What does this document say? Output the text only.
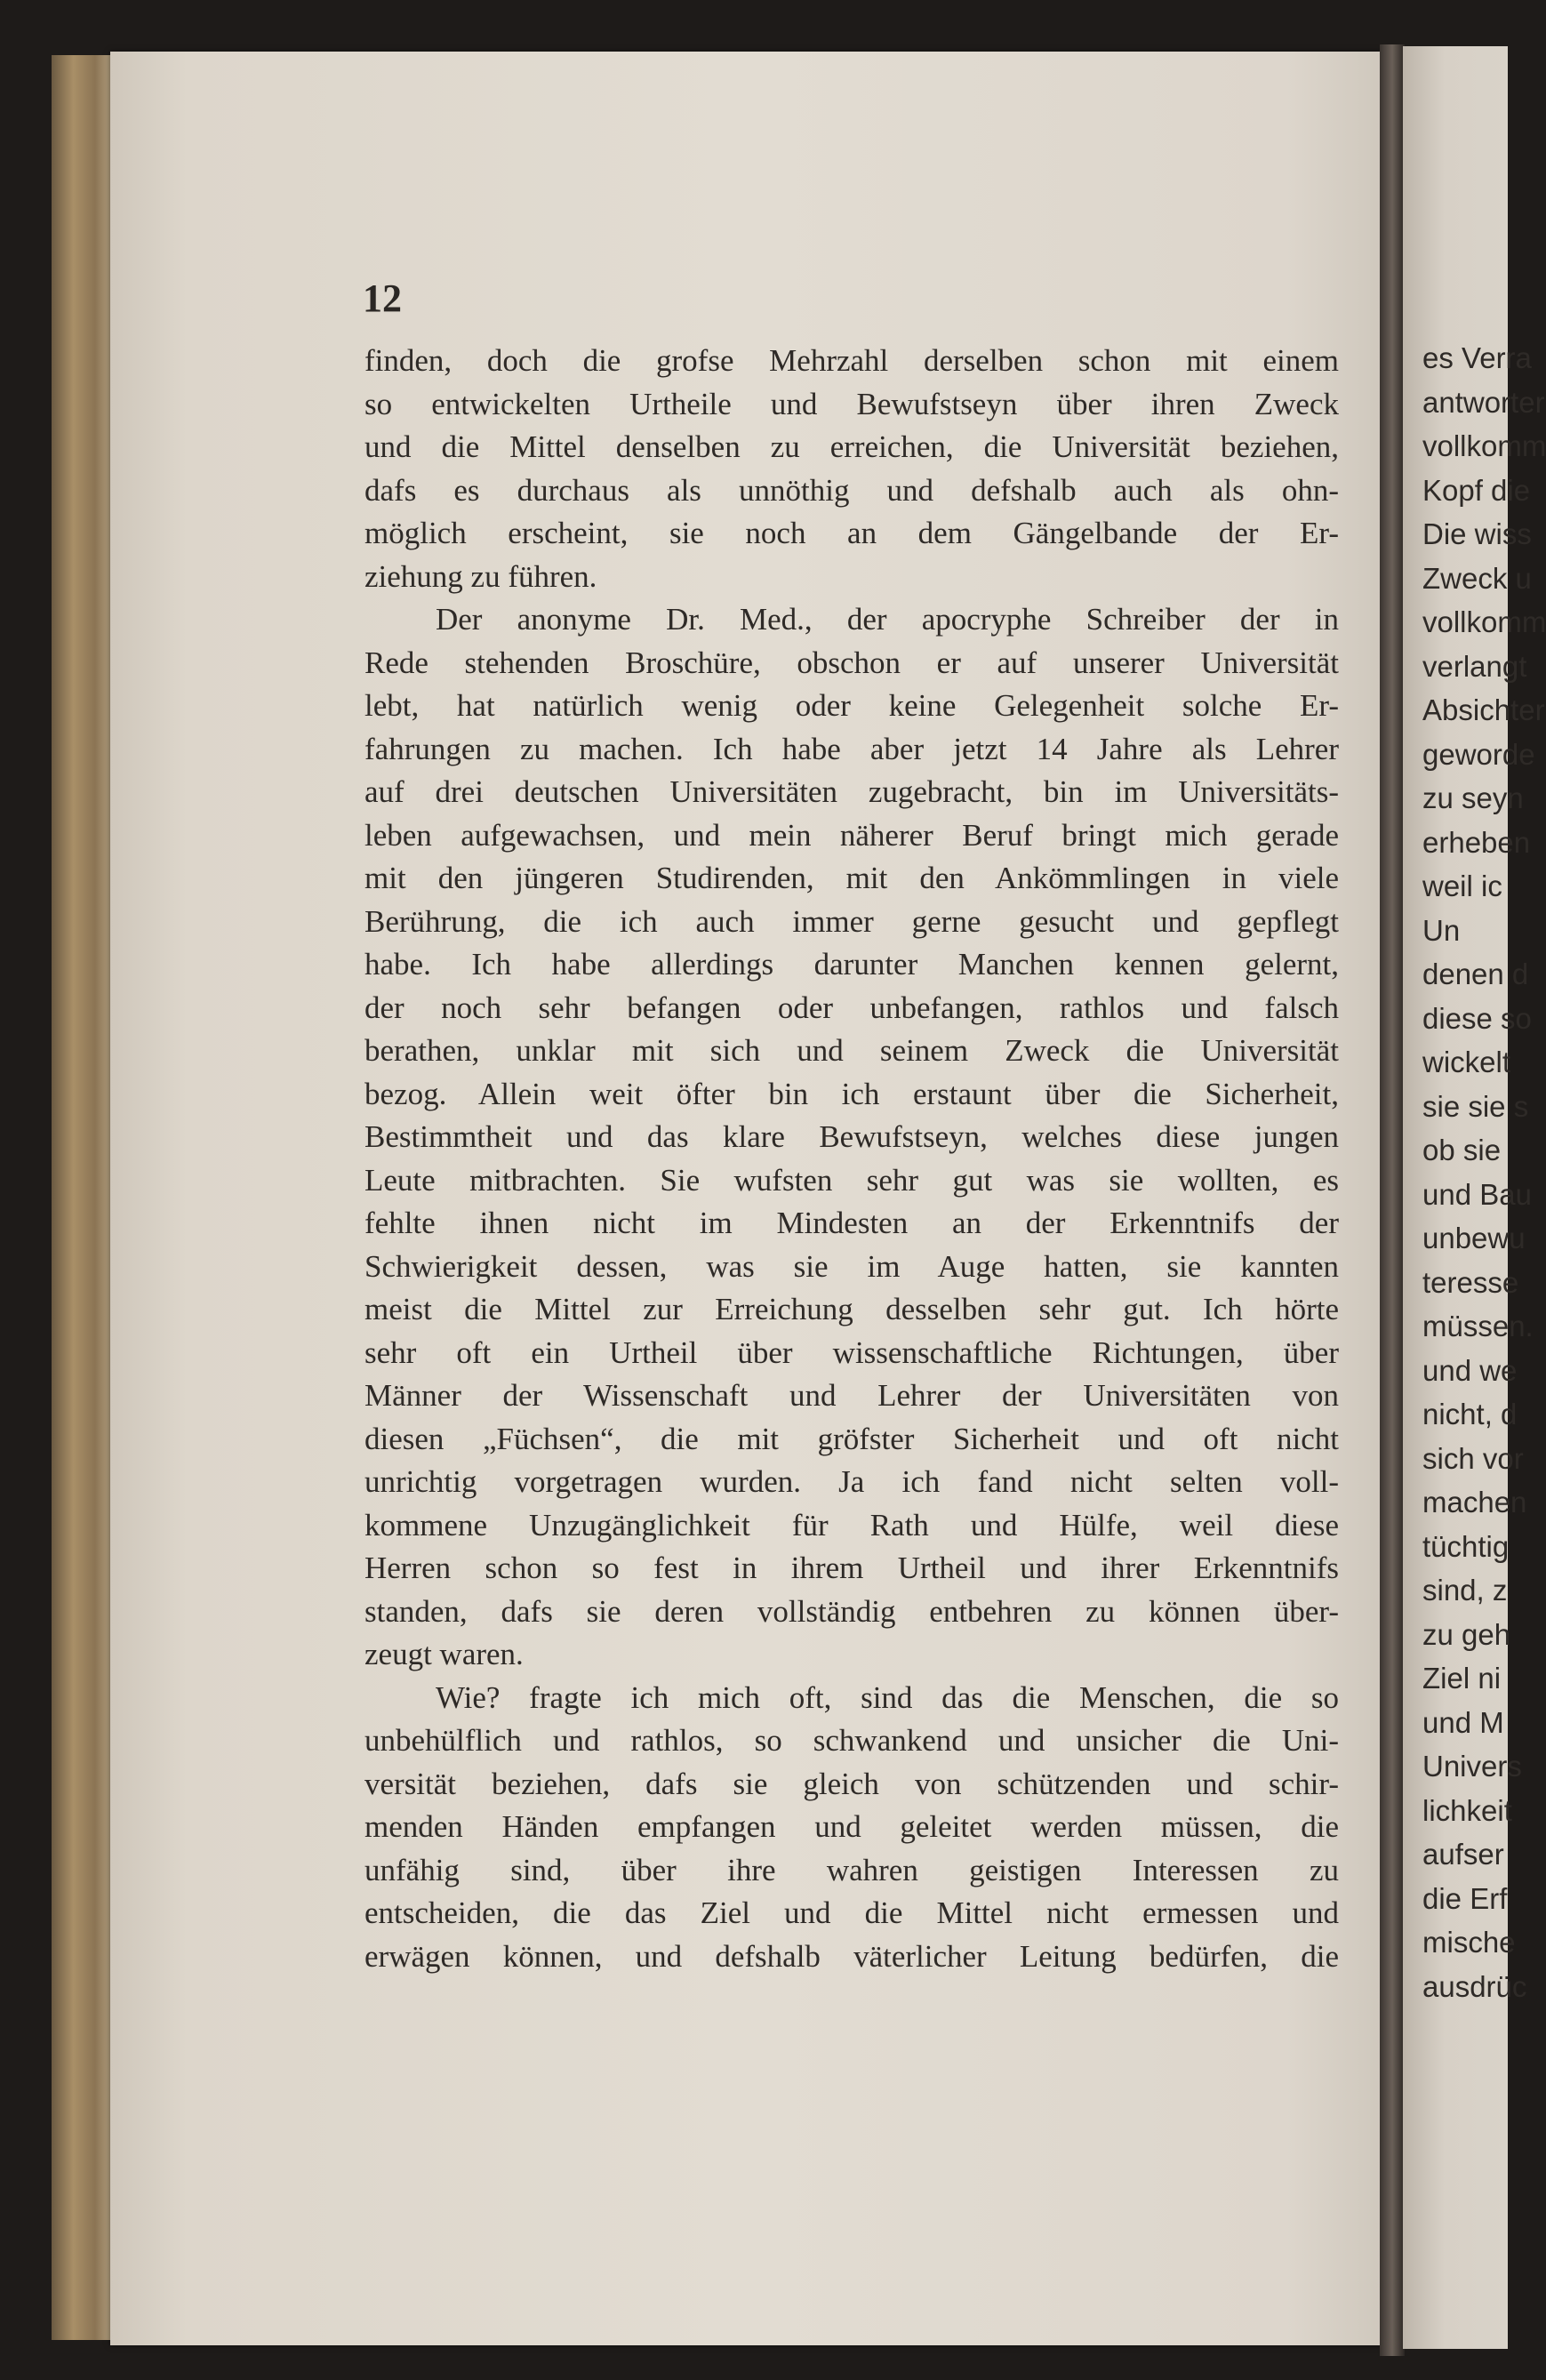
12
finden, doch die grofse Mehrzahl derselben schon mit einem
so entwickelten Urtheile und Bewufstseyn über ihren Zweck
und die Mittel denselben zu erreichen, die Universität beziehen,
dafs es durchaus als unnöthig und defshalb auch als ohn-
möglich erscheint, sie noch an dem Gängelbande der Er-
ziehung zu führen.
Der anonyme Dr. Med., der apocryphe Schreiber der in
Rede stehenden Broschüre, obschon er auf unserer Universität
lebt, hat natürlich wenig oder keine Gelegenheit solche Er-
fahrungen zu machen. Ich habe aber jetzt 14 Jahre als Lehrer
auf drei deutschen Universitäten zugebracht, bin im Universitäts-
leben aufgewachsen, und mein näherer Beruf bringt mich gerade
mit den jüngeren Studirenden, mit den Ankömmlingen in viele
Berührung, die ich auch immer gerne gesucht und gepflegt
habe. Ich habe allerdings darunter Manchen kennen gelernt,
der noch sehr befangen oder unbefangen, rathlos und falsch
berathen, unklar mit sich und seinem Zweck die Universität
bezog. Allein weit öfter bin ich erstaunt über die Sicherheit,
Bestimmtheit und das klare Bewufstseyn, welches diese jungen
Leute mitbrachten. Sie wufsten sehr gut was sie wollten, es
fehlte ihnen nicht im Mindesten an der Erkenntnifs der
Schwierigkeit dessen, was sie im Auge hatten, sie kannten
meist die Mittel zur Erreichung desselben sehr gut. Ich hörte
sehr oft ein Urtheil über wissenschaftliche Richtungen, über
Männer der Wissenschaft und Lehrer der Universitäten von
diesen „Füchsen“, die mit gröfster Sicherheit und oft nicht
unrichtig vorgetragen wurden. Ja ich fand nicht selten voll-
kommene Unzugänglichkeit für Rath und Hülfe, weil diese
Herren schon so fest in ihrem Urtheil und ihrer Erkenntnifs
standen, dafs sie deren vollständig entbehren zu können über-
zeugt waren.
Wie? fragte ich mich oft, sind das die Menschen, die so
unbehülflich und rathlos, so schwankend und unsicher die Uni-
versität beziehen, dafs sie gleich von schützenden und schir-
menden Händen empfangen und geleitet werden müssen, die
unfähig sind, über ihre wahren geistigen Interessen zu
entscheiden, die das Ziel und die Mittel nicht ermessen und
erwägen können, und defshalb väterlicher Leitung bedürfen, die
es Verra
antworter
vollkomm
Kopf die
Die wiss
Zweck u
vollkomm
verlangt
Absichter
geworde
zu seyn
erheben
weil ic
Un
denen d
diese so
wickelt
sie sie s
ob sie
und Bau
unbewu
teresse
müssen.
und we
nicht, d
sich vor
machen
tüchtig
sind, z
zu geh
Ziel ni
und M
Univers
lichkeit
aufser
die Erf
mische
ausdrüc
